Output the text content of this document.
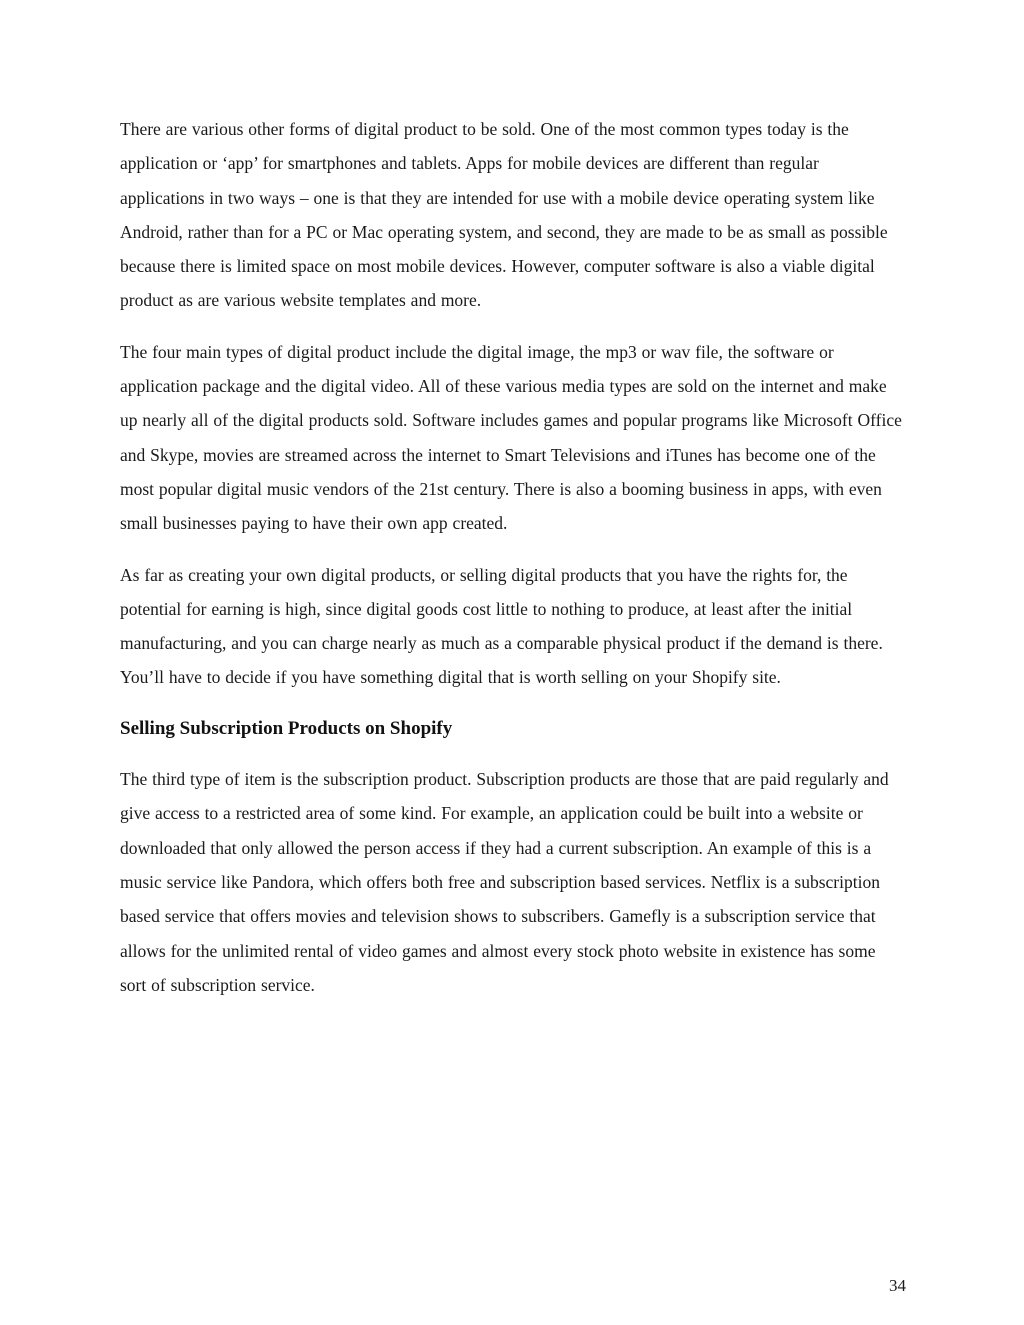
There are various other forms of digital product to be sold. One of the most common types today is the application or ‘app’ for smartphones and tablets. Apps for mobile devices are different than regular applications in two ways – one is that they are intended for use with a mobile device operating system like Android, rather than for a PC or Mac operating system, and second, they are made to be as small as possible because there is limited space on most mobile devices. However, computer software is also a viable digital product as are various website templates and more.

The four main types of digital product include the digital image, the mp3 or wav file, the software or application package and the digital video. All of these various media types are sold on the internet and make up nearly all of the digital products sold. Software includes games and popular programs like Microsoft Office and Skype, movies are streamed across the internet to Smart Televisions and iTunes has become one of the most popular digital music vendors of the 21st century. There is also a booming business in apps, with even small businesses paying to have their own app created.

As far as creating your own digital products, or selling digital products that you have the rights for, the potential for earning is high, since digital goods cost little to nothing to produce, at least after the initial manufacturing, and you can charge nearly as much as a comparable physical product if the demand is there. You’ll have to decide if you have something digital that is worth selling on your Shopify site.

Selling Subscription Products on Shopify

The third type of item is the subscription product. Subscription products are those that are paid regularly and give access to a restricted area of some kind. For example, an application could be built into a website or downloaded that only allowed the person access if they had a current subscription. An example of this is a music service like Pandora, which offers both free and subscription based services. Netflix is a subscription based service that offers movies and television shows to subscribers. Gamefly is a subscription service that allows for the unlimited rental of video games and almost every stock photo website in existence has some sort of subscription service.

34
